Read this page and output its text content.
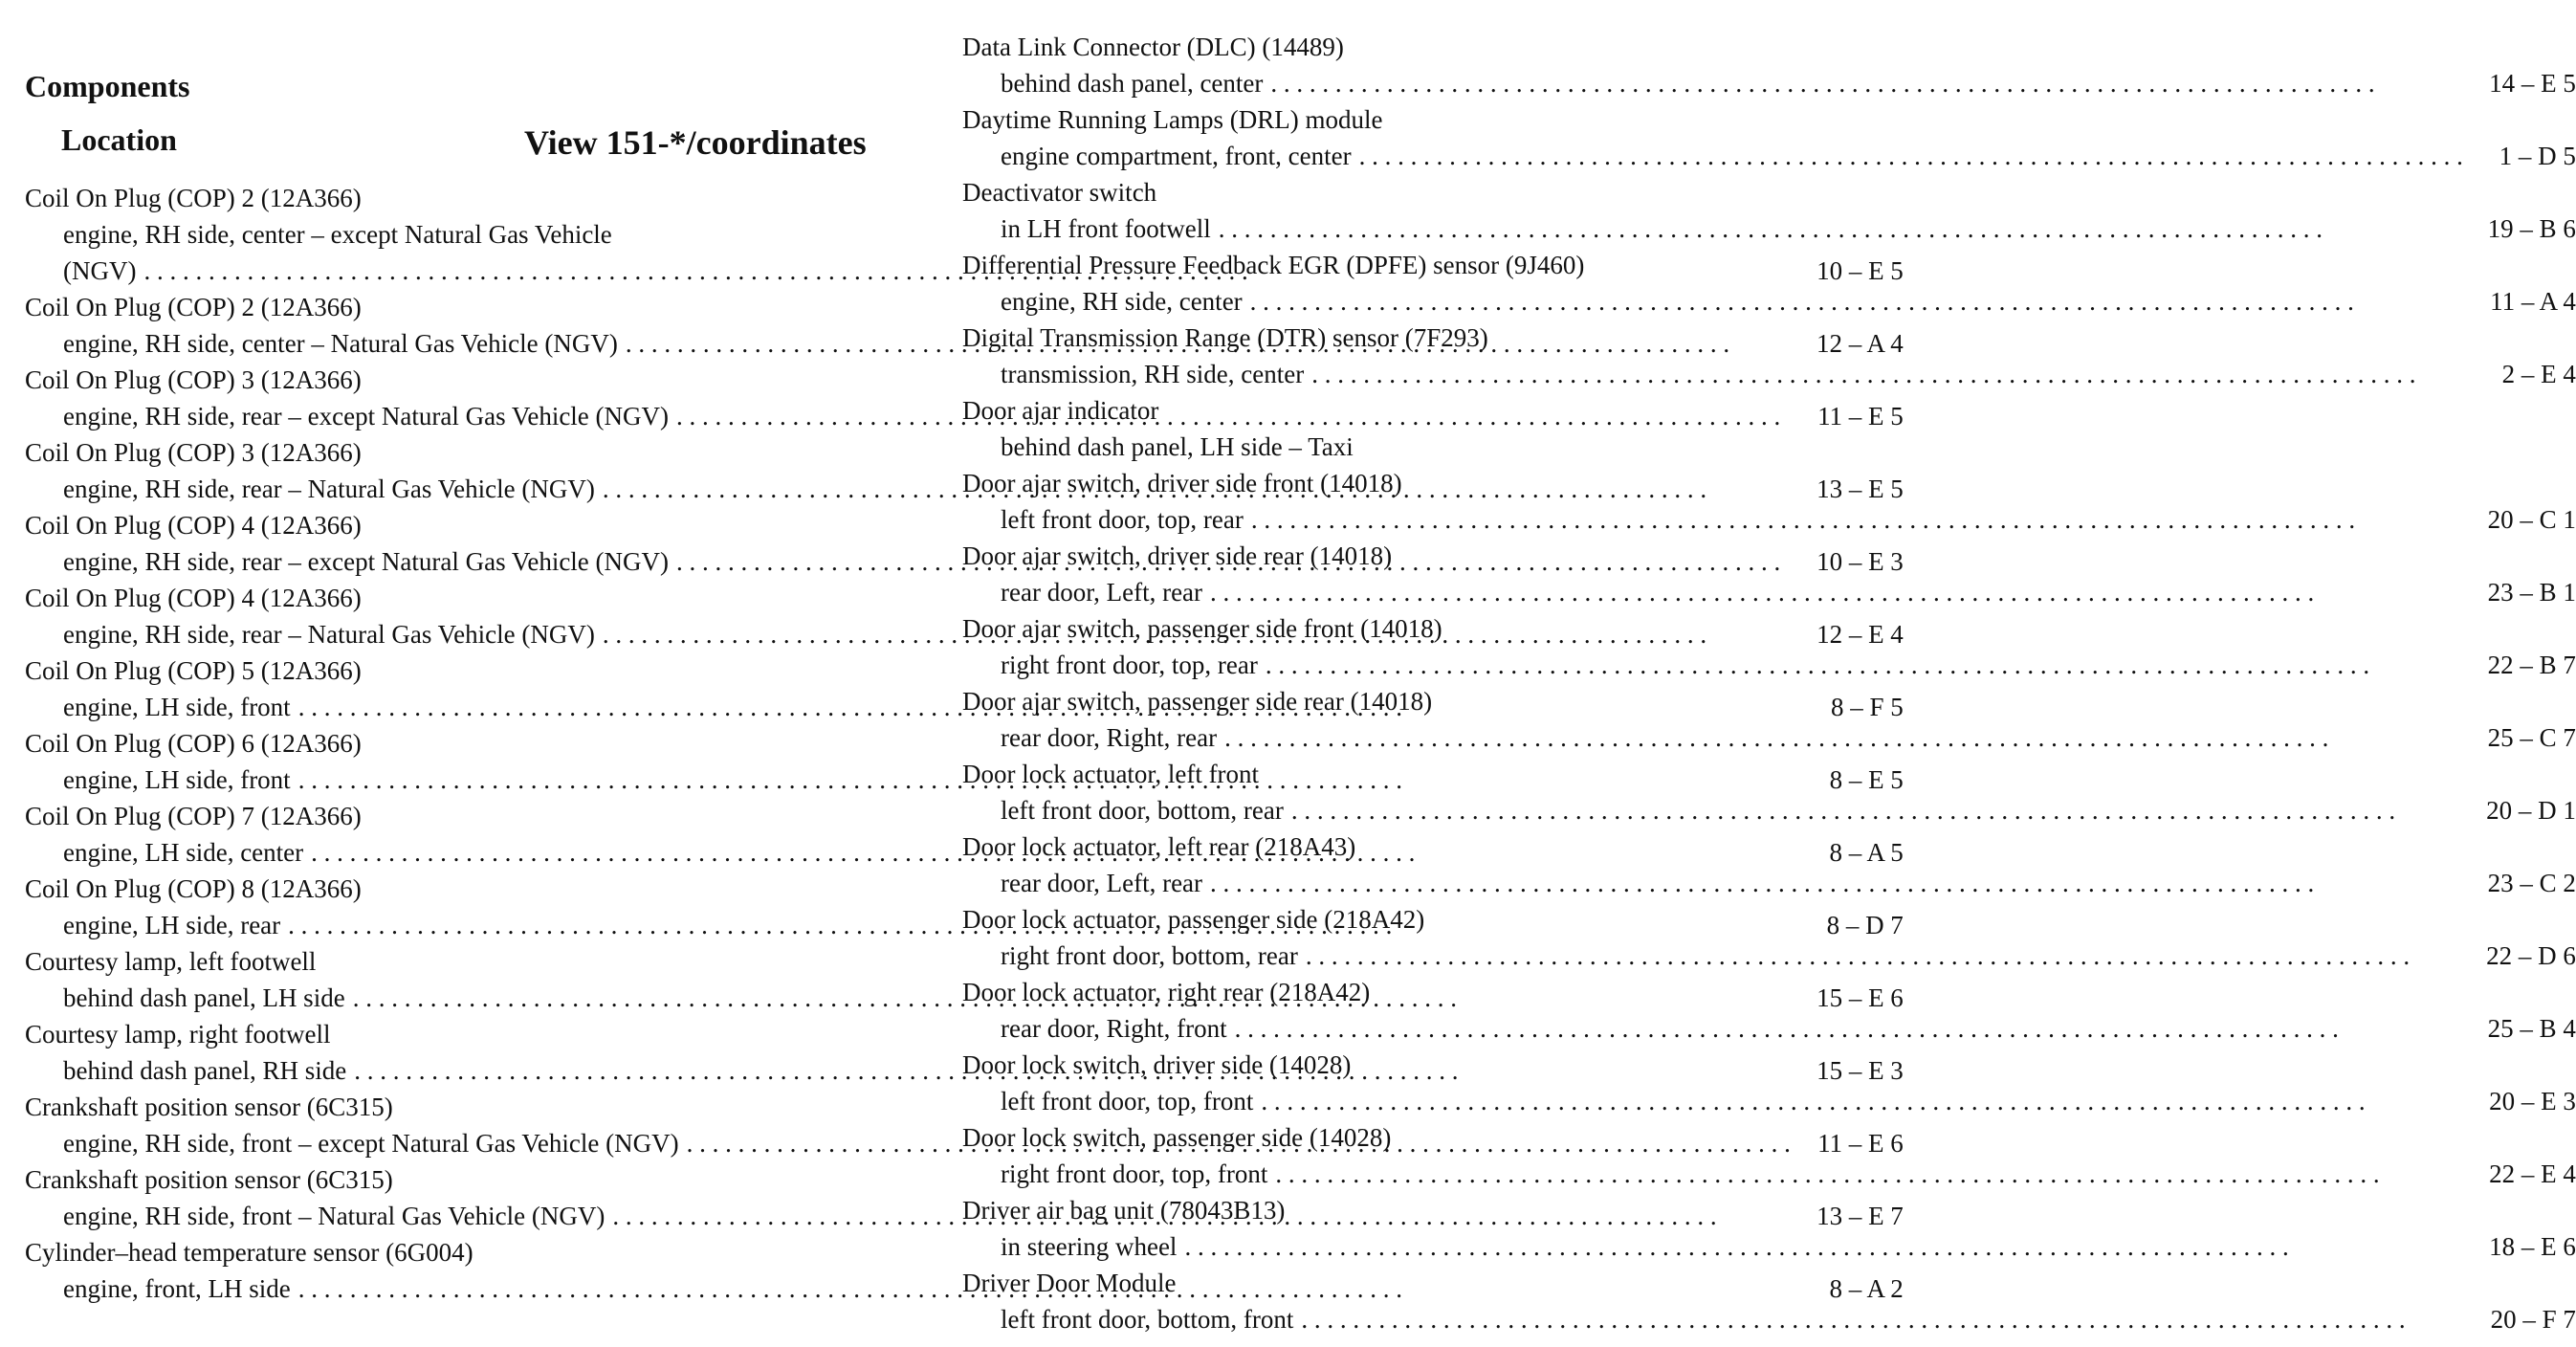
Components
Location	View 151-*/coordinates
Coil On Plug (COP) 2 (12A366)
engine, RH side, center – except Natural Gas Vehicle
(NGV) . . .	10 – E 5
Coil On Plug (COP) 2 (12A366)
engine, RH side, center – Natural Gas Vehicle (NGV) . . .	12 – A 4
Coil On Plug (COP) 3 (12A366)
engine, RH side, rear – except Natural Gas Vehicle (NGV) . . .	11 – E 5
Coil On Plug (COP) 3 (12A366)
engine, RH side, rear – Natural Gas Vehicle (NGV) . . .	13 – E 5
Coil On Plug (COP) 4 (12A366)
engine, RH side, rear – except Natural Gas Vehicle (NGV) . . .	10 – E 3
Coil On Plug (COP) 4 (12A366)
engine, RH side, rear – Natural Gas Vehicle (NGV) . . .	12 – E 4
Coil On Plug (COP) 5 (12A366)
engine, LH side, front . . .	8 – F 5
Coil On Plug (COP) 6 (12A366)
engine, LH side, front . . .	8 – E 5
Coil On Plug (COP) 7 (12A366)
engine, LH side, center . . .	8 – A 5
Coil On Plug (COP) 8 (12A366)
engine, LH side, rear . . .	8 – D 7
Courtesy lamp, left footwell
behind dash panel, LH side . . .	15 – E 6
Courtesy lamp, right footwell
behind dash panel, RH side . . .	15 – E 3
Crankshaft position sensor (6C315)
engine, RH side, front – except Natural Gas Vehicle (NGV) . . .	11 – E 6
Crankshaft position sensor (6C315)
engine, RH side, front – Natural Gas Vehicle (NGV) . . .	13 – E 7
Cylinder–head temperature sensor (6G004)
engine, front, LH side . . .	8 – A 2
Data Link Connector (DLC) (14489)
behind dash panel, center . . .	14 – E 5
Daytime Running Lamps (DRL) module
engine compartment, front, center . . .	1 – D 5
Deactivator switch
in LH front footwell . . .	19 – B 6
Differential Pressure Feedback EGR (DPFE) sensor (9J460)
engine, RH side, center . . .	11 – A 4
Digital Transmission Range (DTR) sensor (7F293)
transmission, RH side, center . . .	2 – E 4
Door ajar indicator
behind dash panel, LH side – Taxi
Door ajar switch, driver side front (14018)
left front door, top, rear . . .	20 – C 1
Door ajar switch, driver side rear (14018)
rear door, Left, rear . . .	23 – B 1
Door ajar switch, passenger side front (14018)
right front door, top, rear . . .	22 – B 7
Door ajar switch, passenger side rear (14018)
rear door, Right, rear . . .	25 – C 7
Door lock actuator, left front
left front door, bottom, rear . . .	20 – D 1
Door lock actuator, left rear (218A43)
rear door, Left, rear . . .	23 – C 2
Door lock actuator, passenger side (218A42)
right front door, bottom, rear . . .	22 – D 6
Door lock actuator, right rear (218A42)
rear door, Right, front . . .	25 – B 4
Door lock switch, driver side (14028)
left front door, top, front . . .	20 – E 3
Door lock switch, passenger side (14028)
right front door, top, front . . .	22 – E 4
Driver air bag unit (78043B13)
in steering wheel . . .	18 – E 6
Driver Door Module
left front door, bottom, front . . .	20 – F 7
